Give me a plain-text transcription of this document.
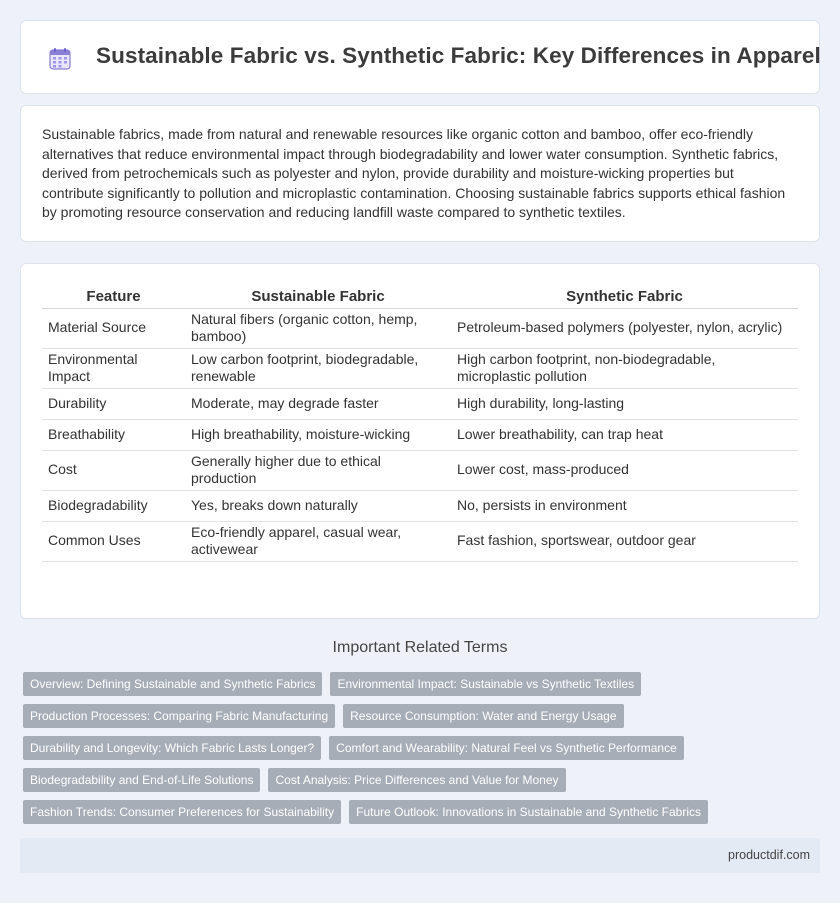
Sustainable Fabric vs. Synthetic Fabric: Key Differences in Apparel

Sustainable fabrics, made from natural and renewable resources like organic cotton and bamboo, offer eco-friendly alternatives that reduce environmental impact through biodegradability and lower water consumption. Synthetic fabrics, derived from petrochemicals such as polyester and nylon, provide durability and moisture-wicking properties but contribute significantly to pollution and microplastic contamination. Choosing sustainable fabrics supports ethical fashion by promoting resource conservation and reducing landfill waste compared to synthetic textiles.

Feature	Sustainable Fabric	Synthetic Fabric
Material Source	Natural fibers (organic cotton, hemp, bamboo)	Petroleum-based polymers (polyester, nylon, acrylic)
Environmental Impact	Low carbon footprint, biodegradable, renewable	High carbon footprint, non-biodegradable, microplastic pollution
Durability	Moderate, may degrade faster	High durability, long-lasting
Breathability	High breathability, moisture-wicking	Lower breathability, can trap heat
Cost	Generally higher due to ethical production	Lower cost, mass-produced
Biodegradability	Yes, breaks down naturally	No, persists in environment
Common Uses	Eco-friendly apparel, casual wear, activewear	Fast fashion, sportswear, outdoor gear
Important Related Terms
Overview: Defining Sustainable and Synthetic Fabrics	Environmental Impact: Sustainable vs Synthetic Textiles
Production Processes: Comparing Fabric Manufacturing	Resource Consumption: Water and Energy Usage
Durability and Longevity: Which Fabric Lasts Longer?	Comfort and Wearability: Natural Feel vs Synthetic Performance
Biodegradability and End-of-Life Solutions	Cost Analysis: Price Differences and Value for Money
Fashion Trends: Consumer Preferences for Sustainability	Future Outlook: Innovations in Sustainable and Synthetic Fabrics
productdif.com
